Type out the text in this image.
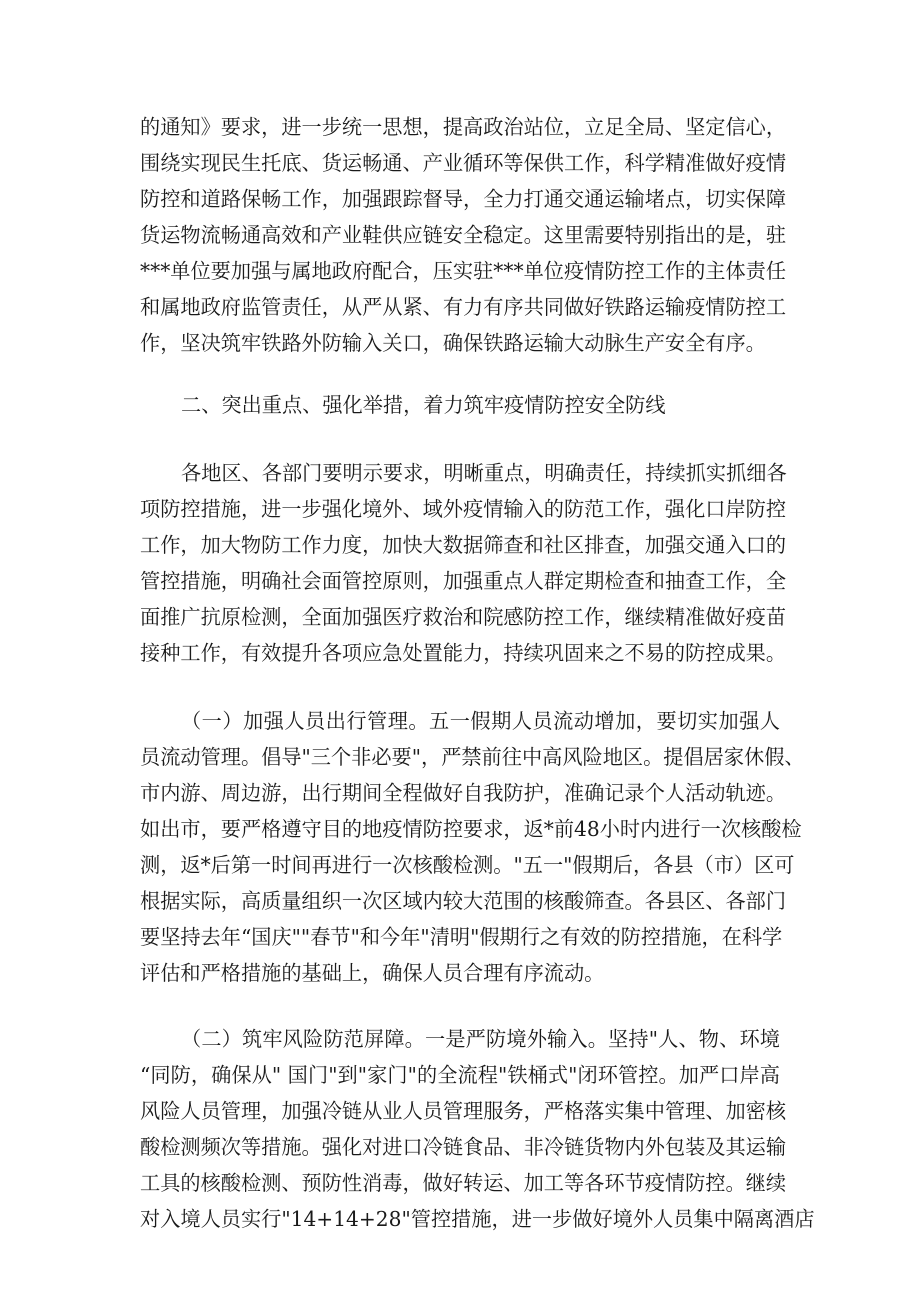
的通知》要求，进一步统一思想，提高政治站位，立足全局、坚定信心，
围绕实现民生托底、货运畅通、产业循环等保供工作，科学精准做好疫情
防控和道路保畅工作，加强跟踪督导，全力打通交通运输堵点，切实保障
货运物流畅通高效和产业鞋供应链安全稳定。这里需要特别指出的是，驻
***单位要加强与属地政府配合，压实驻***单位疫情防控工作的主体责任
和属地政府监管责任，从严从紧、有力有序共同做好铁路运输疫情防控工
作，坚决筑牢铁路外防输入关口，确保铁路运输大动脉生产安全有序。
二、突出重点、强化举措，着力筑牢疫情防控安全防线
各地区、各部门要明示要求，明晰重点，明确责任，持续抓实抓细各
项防控措施，进一步强化境外、域外疫情输入的防范工作，强化口岸防控
工作，加大物防工作力度，加快大数据筛查和社区排查，加强交通入口的
管控措施，明确社会面管控原则，加强重点人群定期检查和抽查工作，全
面推广抗原检测，全面加强医疗救治和院感防控工作，继续精准做好疫苗
接种工作，有效提升各项应急处置能力，持续巩固来之不易的防控成果。
（一）加强人员出行管理。五一假期人员流动增加，要切实加强人
员流动管理。倡导"三个非必要"，严禁前往中高风险地区。提倡居家休假、
市内游、周边游，出行期间全程做好自我防护，准确记录个人活动轨迹。
如出市，要严格遵守目的地疫情防控要求，返*前48小时内进行一次核酸检
测，返*后第一时间再进行一次核酸检测。"五一"假期后，各县（市）区可
根据实际，高质量组织一次区域内较大范围的核酸筛查。各县区、各部门
要坚持去年“国庆""春节"和今年"清明"假期行之有效的防控措施，在科学
评估和严格措施的基础上，确保人员合理有序流动。
（二）筑牢风险防范屏障。一是严防境外输入。坚持"人、物、环境
“同防，确保从" 国门"到"家门"的全流程"铁桶式"闭环管控。加严口岸高
风险人员管理，加强冷链从业人员管理服务，严格落实集中管理、加密核
酸检测频次等措施。强化对进口冷链食品、非冷链货物内外包装及其运输
工具的核酸检测、预防性消毒，做好转运、加工等各环节疫情防控。继续
对入境人员实行"14+14+28"管控措施，进一步做好境外人员集中隔离酒店
